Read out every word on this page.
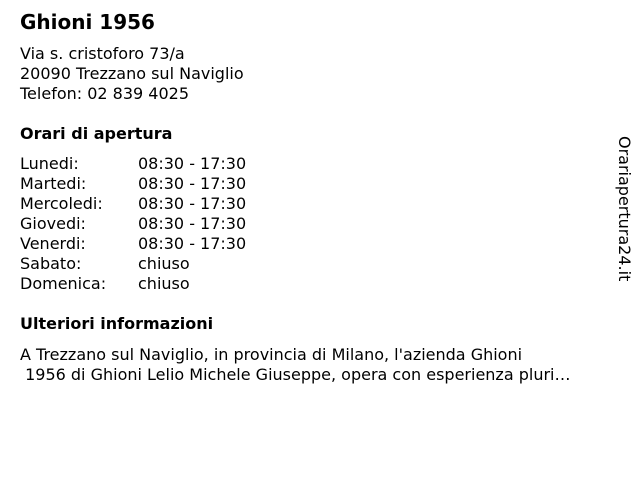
Ghioni 1956
Via s. cristoforo 73/a
20090 Trezzano sul Naviglio
Telefon: 02 839 4025
Orari di apertura
Lunedi:	08:30 - 17:30
Martedi:	08:30 - 17:30
Mercoledi: 08:30 - 17:30
Giovedi:	08:30 - 17:30
Venerdi:	08:30 - 17:30
Sabato:	chiuso
Domenica: chiuso
Ulteriori informazioni
A Trezzano sul Naviglio, in provincia di Milano, l'azienda Ghioni
1956 di Ghioni Lelio Michele Giuseppe, opera con esperienza pluri…
Orariapertura24.it
